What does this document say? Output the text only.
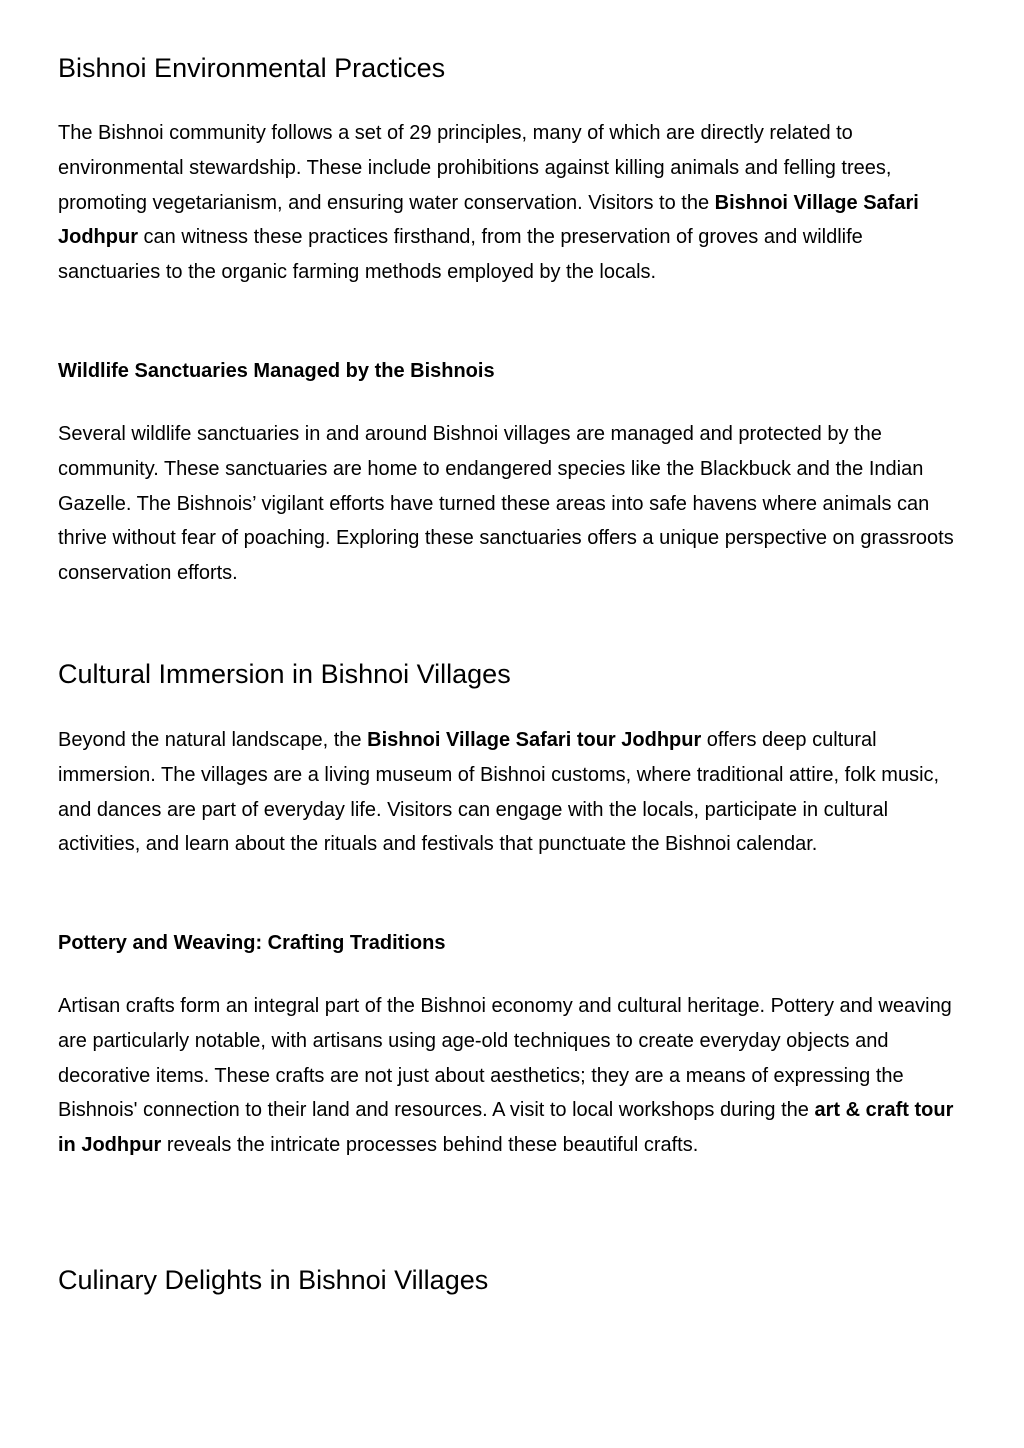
Bishnoi Environmental Practices

The Bishnoi community follows a set of 29 principles, many of which are directly related to environmental stewardship. These include prohibitions against killing animals and felling trees, promoting vegetarianism, and ensuring water conservation. Visitors to the Bishnoi Village Safari Jodhpur can witness these practices firsthand, from the preservation of groves and wildlife sanctuaries to the organic farming methods employed by the locals.

Wildlife Sanctuaries Managed by the Bishnois

Several wildlife sanctuaries in and around Bishnoi villages are managed and protected by the community. These sanctuaries are home to endangered species like the Blackbuck and the Indian Gazelle. The Bishnois’ vigilant efforts have turned these areas into safe havens where animals can thrive without fear of poaching. Exploring these sanctuaries offers a unique perspective on grassroots conservation efforts.

Cultural Immersion in Bishnoi Villages

Beyond the natural landscape, the Bishnoi Village Safari tour Jodhpur offers deep cultural immersion. The villages are a living museum of Bishnoi customs, where traditional attire, folk music, and dances are part of everyday life. Visitors can engage with the locals, participate in cultural activities, and learn about the rituals and festivals that punctuate the Bishnoi calendar.

Pottery and Weaving: Crafting Traditions

Artisan crafts form an integral part of the Bishnoi economy and cultural heritage. Pottery and weaving are particularly notable, with artisans using age-old techniques to create everyday objects and decorative items. These crafts are not just about aesthetics; they are a means of expressing the Bishnois' connection to their land and resources. A visit to local workshops during the art & craft tour in Jodhpur reveals the intricate processes behind these beautiful crafts.

Culinary Delights in Bishnoi Villages
